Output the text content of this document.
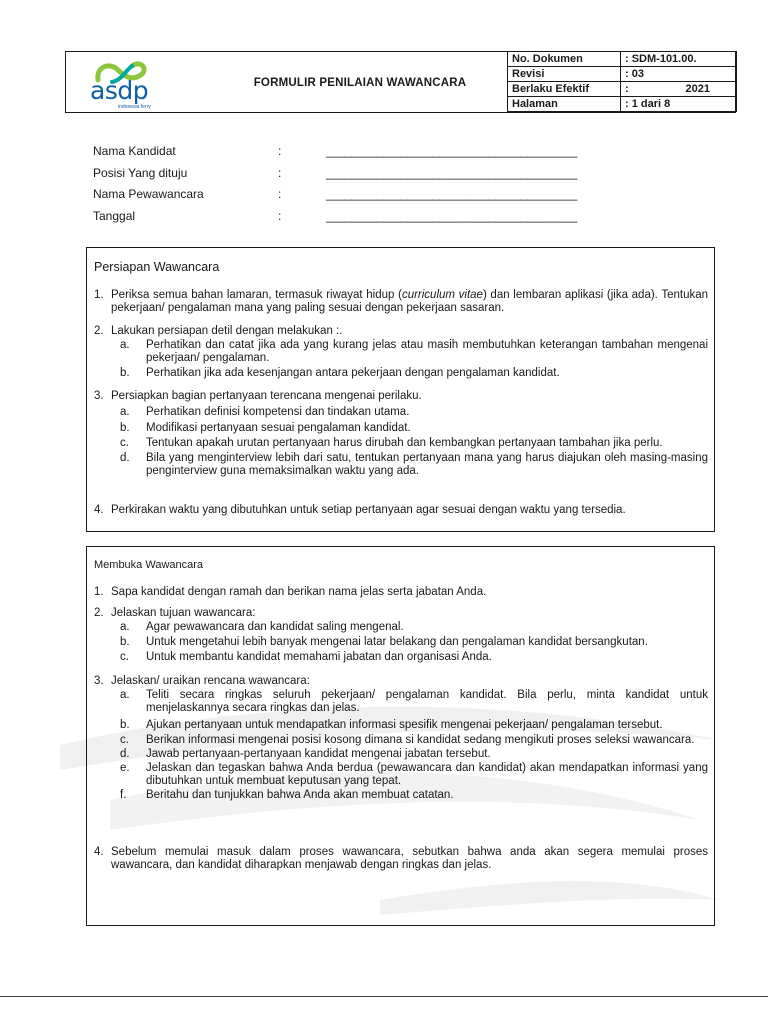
asdp
indonesia ferry
FORMULIR PENILAIAN WAWANCARA
No. Dokumen	: SDM-101.00.

Revisi	: 03

Berlaku Efektif	: 2021

Halaman	: 1 dari 8
Nama Kandidat	:	________________________________________
Posisi Yang dituju	:	________________________________________
Nama Pewawancara	:	________________________________________
Tanggal	:	________________________________________
Persiapan Wawancara
1. Periksa semua bahan lamaran, termasuk riwayat hidup (curriculum vitae) dan lembaran aplikasi (jika ada). Tentukan pekerjaan/ pengalaman mana yang paling sesuai dengan pekerjaan sasaran.
2. Lakukan persiapan detil dengan melakukan :.
a. Perhatikan dan catat jika ada yang kurang jelas atau masih membutuhkan keterangan tambahan mengenai pekerjaan/ pengalaman.
b. Perhatikan jika ada kesenjangan antara pekerjaan dengan pengalaman kandidat.
3. Persiapkan bagian pertanyaan terencana mengenai perilaku.
a. Perhatikan definisi kompetensi dan tindakan utama.
b. Modifikasi pertanyaan sesuai pengalaman kandidat.
c. Tentukan apakah urutan pertanyaan harus dirubah dan kembangkan pertanyaan tambahan jika perlu.
d. Bila yang menginterview lebih dari satu, tentukan pertanyaan mana yang harus diajukan oleh masing-masing penginterview guna memaksimalkan waktu yang ada.
4. Perkirakan waktu yang dibutuhkan untuk setiap pertanyaan agar sesuai dengan waktu yang tersedia.
Membuka Wawancara
1. Sapa kandidat dengan ramah dan berikan nama jelas serta jabatan Anda.
2. Jelaskan tujuan wawancara:
a. Agar pewawancara dan kandidat saling mengenal.
b. Untuk mengetahui lebih banyak mengenai latar belakang dan pengalaman kandidat bersangkutan.
c. Untuk membantu kandidat memahami jabatan dan organisasi Anda.
3. Jelaskan/ uraikan rencana wawancara:
a. Teliti secara ringkas seluruh pekerjaan/ pengalaman kandidat. Bila perlu, minta kandidat untuk menjelaskannya secara ringkas dan jelas.
b. Ajukan pertanyaan untuk mendapatkan informasi spesifik mengenai pekerjaan/ pengalaman tersebut.
c. Berikan informasi mengenai posisi kosong dimana si kandidat sedang mengikuti proses seleksi wawancara.
d. Jawab pertanyaan-pertanyaan kandidat mengenai jabatan tersebut.
e. Jelaskan dan tegaskan bahwa Anda berdua (pewawancara dan kandidat) akan mendapatkan informasi yang dibutuhkan untuk membuat keputusan yang tepat.
f. Beritahu dan tunjukkan bahwa Anda akan membuat catatan.
4. Sebelum memulai masuk dalam proses wawancara, sebutkan bahwa anda akan segera memulai proses wawancara, dan kandidat diharapkan menjawab dengan ringkas dan jelas.
